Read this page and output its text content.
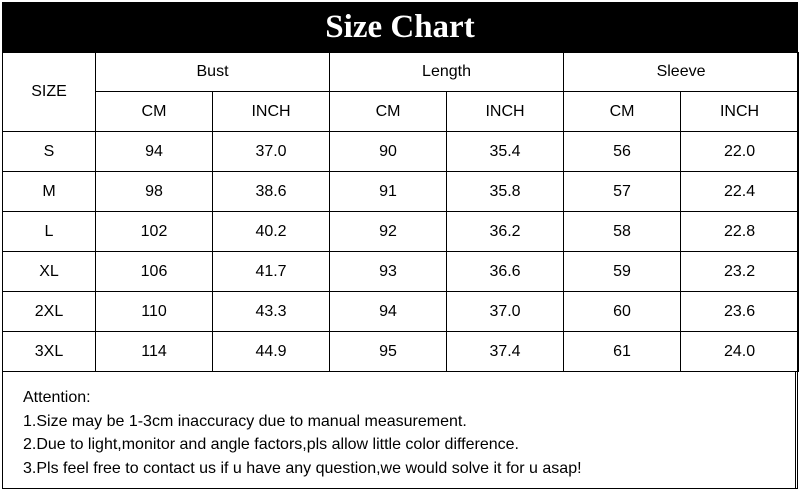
Size Chart
SIZE	Bust		Length		Sleeve	
	CM	INCH	CM	INCH	CM	INCH
S	94	37.0	90	35.4	56	22.0
M	98	38.6	91	35.8	57	22.4
L	102	40.2	92	36.2	58	22.8
XL	106	41.7	93	36.6	59	23.2
2XL	110	43.3	94	37.0	60	23.6
3XL	114	44.9	95	37.4	61	24.0
Attention:
1.Size may be 1-3cm inaccuracy due to manual measurement.
2.Due to light,monitor and angle factors,pls allow little color difference.
3.Pls feel free to contact us if u have any question,we would solve it for u asap!
